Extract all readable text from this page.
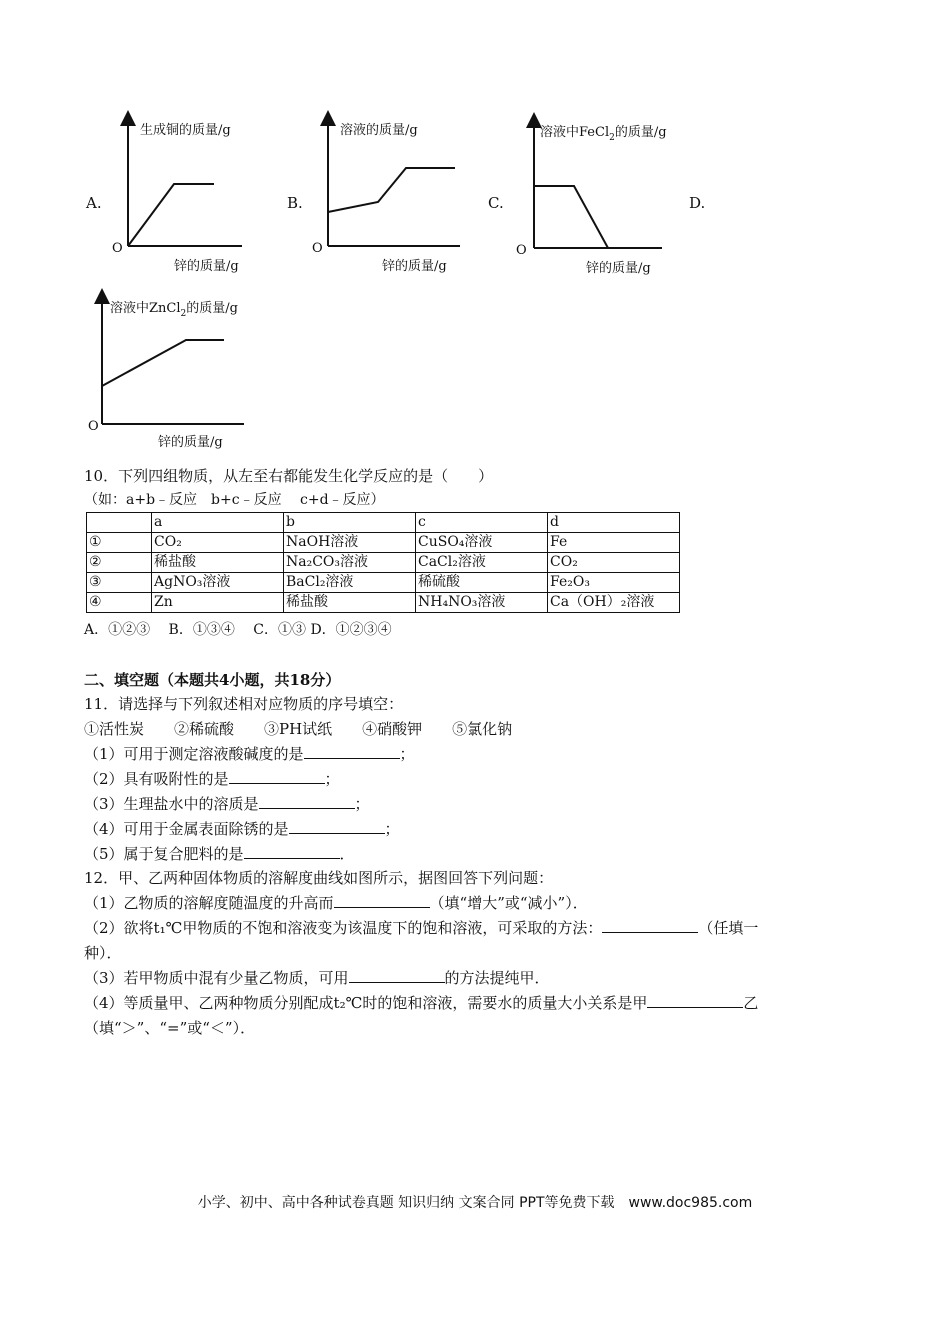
A.	B.	C.	D.
生成铜的质量/g
锌的质量/g
O
溶液的质量/g
锌的质量/g
O
溶液中FeCl$_2$的质量/g
锌的质量/g
O
溶液中ZnCl$_2$的质量/g
锌的质量/g
O
10．下列四组物质，从左至右都能发生化学反应的是（　　）
（如：a+b﹣反应　b+c﹣反应　 c+d﹣反应）
	a	b	c	d
①	CO₂	NaOH溶液	CuSO₄溶液	Fe
②	稀盐酸	Na₂CO₃溶液	CaCl₂溶液	CO₂
③	AgNO₃溶液	BaCl₂溶液	稀硫酸	Fe₂O₃
④	Zn	稀盐酸	NH₄NO₃溶液	Ca（OH）₂溶液
A．①②③　 B．①③④　 C．①③ D．①②③④
二、填空题（本题共4小题，共18分）
11．请选择与下列叙述相对应物质的序号填空：
①活性炭　　②稀硫酸　　③PH试纸　　④硝酸钾　　⑤氯化钠
（1）可用于测定溶液酸碱度的是	；
（2）具有吸附性的是	；
（3）生理盐水中的溶质是	；
（4）可用于金属表面除锈的是	；
（5）属于复合肥料的是	．
12．甲、乙两种固体物质的溶解度曲线如图所示，据图回答下列问题：
（1）乙物质的溶解度随温度的升高而	（填“增大”或“减小”）．
（2）欲将t₁℃甲物质的不饱和溶液变为该温度下的饱和溶液，可采取的方法：	（任填一
种）．
（3）若甲物质中混有少量乙物质，可用	的方法提纯甲．
（4）等质量甲、乙两种物质分别配成t₂℃时的饱和溶液，需要水的质量大小关系是甲	乙
（填“＞”、“=”或“＜”）．
小学、初中、高中各种试卷真题 知识归纳 文案合同 PPT等免费下载　www.doc985.com
